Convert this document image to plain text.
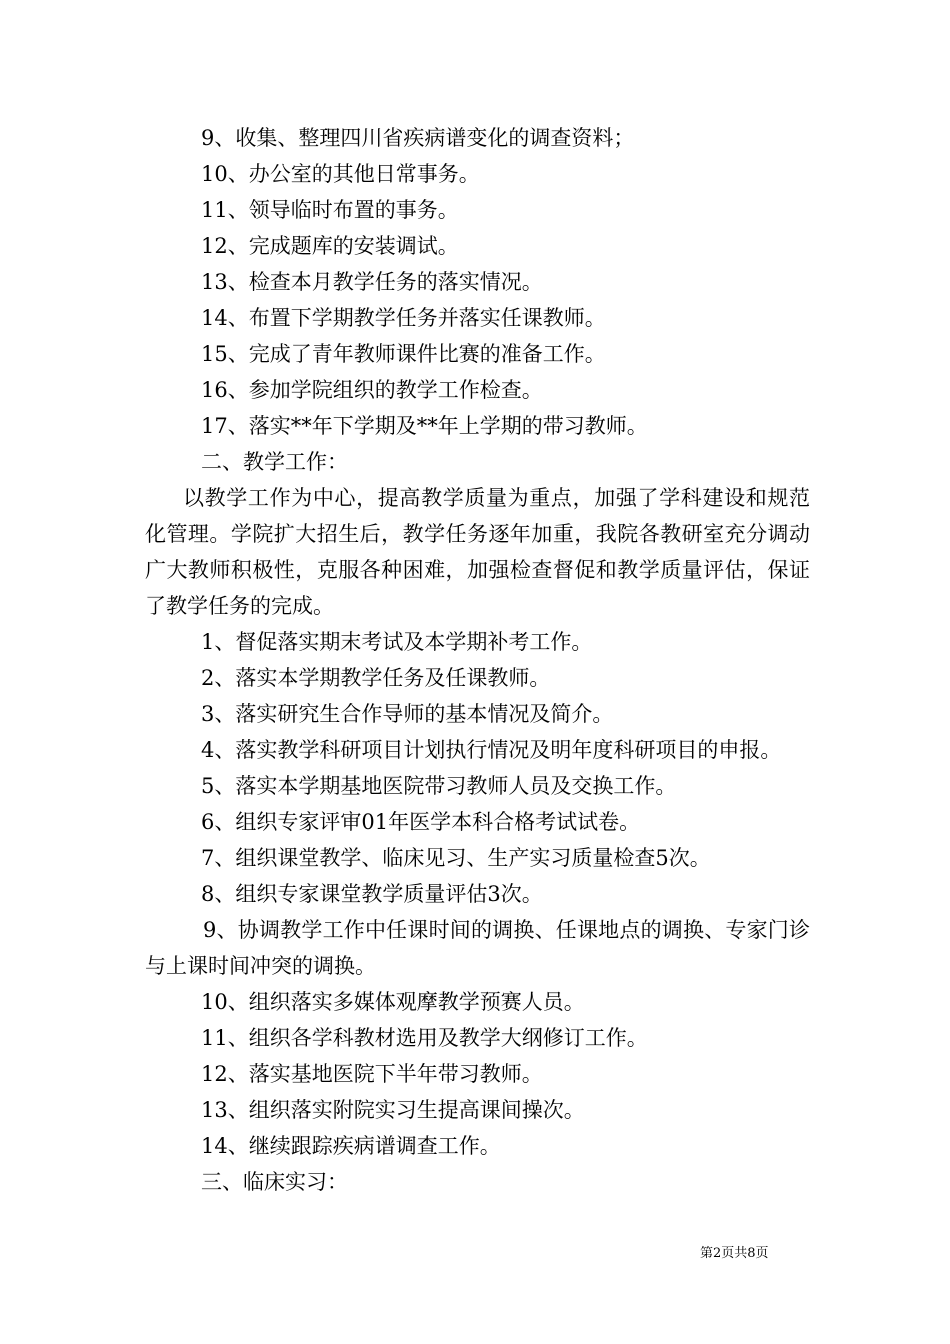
9、收集、整理四川省疾病谱变化的调查资料；
10、办公室的其他日常事务。
11、领导临时布置的事务。
12、完成题库的安装调试。
13、检查本月教学任务的落实情况。
14、布置下学期教学任务并落实任课教师。
15、完成了青年教师课件比赛的准备工作。
16、参加学院组织的教学工作检查。
17、落实**年下学期及**年上学期的带习教师。
二、教学工作：

以教学工作为中心，提高教学质量为重点，加强了学科建设和规范化管理。学院扩大招生后，教学任务逐年加重，我院各教研室充分调动广大教师积极性，克服各种困难，加强检查督促和教学质量评估，保证了教学任务的完成。

1、督促落实期末考试及本学期补考工作。
2、落实本学期教学任务及任课教师。
3、落实研究生合作导师的基本情况及简介。
4、落实教学科研项目计划执行情况及明年度科研项目的申报。
5、落实本学期基地医院带习教师人员及交换工作。
6、组织专家评审01年医学本科合格考试试卷。
7、组织课堂教学、临床见习、生产实习质量检查5次。
8、组织专家课堂教学质量评估3次。

9、协调教学工作中任课时间的调换、任课地点的调换、专家门诊与上课时间冲突的调换。

10、组织落实多媒体观摩教学预赛人员。
11、组织各学科教材选用及教学大纲修订工作。
12、落实基地医院下半年带习教师。
13、组织落实附院实习生提高课间操次。
14、继续跟踪疾病谱调查工作。
三、临床实习：
第2页共8页
